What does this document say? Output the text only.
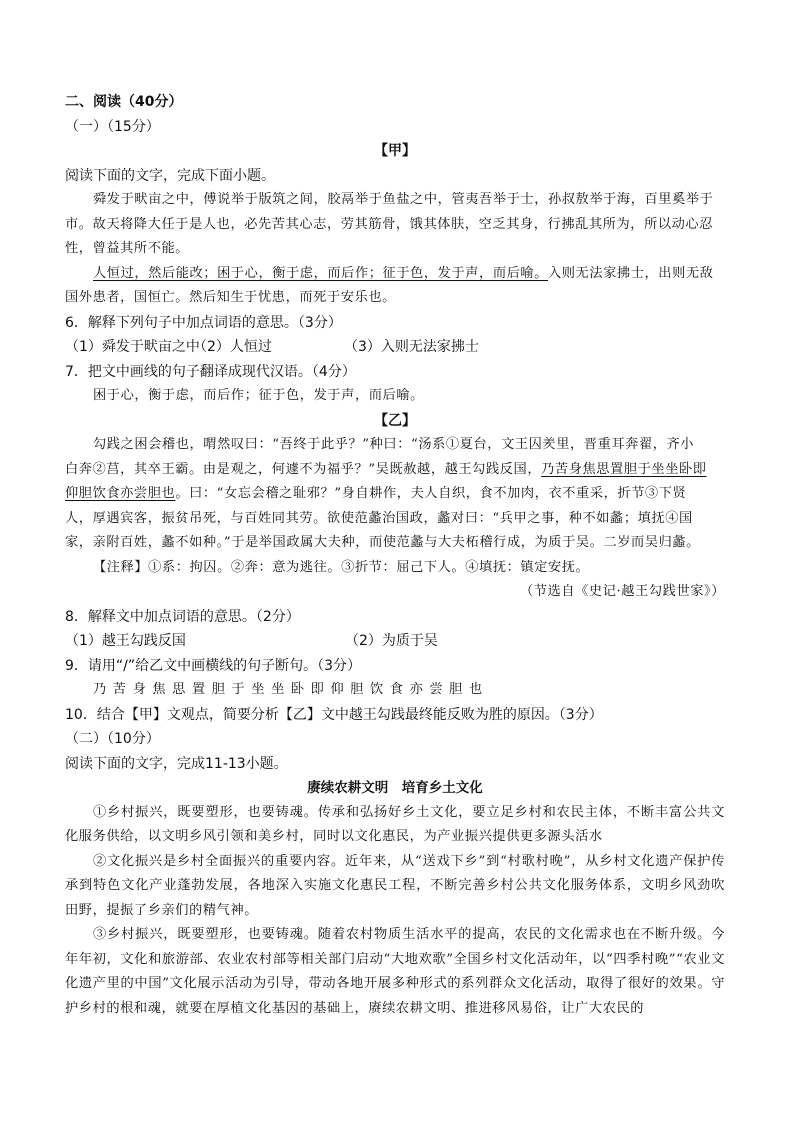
二、阅读（40分）
（一）（15分）
【甲】
阅读下面的文字，完成下面小题。
舜发于畎亩之中，傅说举于版筑之间，胶鬲举于鱼盐之中，管夷吾举于士，孙叔敖举于海，百里奚举于
市。故天将降大任于是人也，必先苦其心志，劳其筋骨，饿其体肤，空乏其身，行拂乱其所为，所以动心忍
性，曾益其所不能。
人恒过，然后能改；困于心，衡于虑，而后作；征于色，发于声，而后喻。入则无法家拂士，出则无敌
国外患者，国恒亡。然后知生于忧患，而死于安乐也。
6．解释下列句子中加点词语的意思。（3分）
（1）舜发于畎亩之中
（2）人恒过	（3）入则无法家拂士
7．把文中画线的句子翻译成现代汉语。（4分）
困于心，衡于虑，而后作；征于色，发于声，而后喻。
【乙】
勾践之困会稽也，喟然叹曰：“吾终于此乎？”种曰：“汤系①夏台，文王囚羑里，晋重耳奔翟，齐小
白奔②莒，其卒王霸。由是观之，何遽不为福乎？”吴既赦越，越王勾践反国，乃苦身焦思置胆于坐坐卧即
仰胆饮食亦尝胆也。曰：“女忘会稽之耻邪？”身自耕作，夫人自织，食不加肉，衣不重采，折节③下贤
人，厚遇宾客，振贫吊死，与百姓同其劳。欲使范蠡治国政，蠡对曰：“兵甲之事，种不如蠡；填抚④国
家，亲附百姓，蠡不如种。”于是举国政属大夫种，而使范蠡与大夫柘稽行成，为质于吴。二岁而吴归蠡。
【注释】①系：拘囚。②奔：意为逃往。③折节：屈己下人。④填抚：镇定安抚。
（节选自《史记·越王勾践世家》）
8．解释文中加点词语的意思。（2分）
（1）越王勾践反国	（2）为质于吴
9．请用“/”给乙文中画横线的句子断句。（3分）
乃苦身焦思置胆于坐坐卧即仰胆饮食亦尝胆也
10．结合【甲】文观点，简要分析【乙】文中越王勾践最终能反败为胜的原因。（3分）
（二）（10分）
阅读下面的文字，完成11-13小题。
赓续农耕文明　培育乡土文化
①乡村振兴，既要塑形，也要铸魂。传承和弘扬好乡土文化，要立足乡村和农民主体，不断丰富公共文化服务供给，以文明乡风引领和美乡村，同时以文化惠民，为产业振兴提供更多源头活水
②文化振兴是乡村全面振兴的重要内容。近年来，从“送戏下乡”到“村歌村晚”，从乡村文化遗产保护传承到特色文化产业蓬勃发展，各地深入实施文化惠民工程，不断完善乡村公共文化服务体系，文明乡风劲吹田野，提振了乡亲们的精气神。
③乡村振兴，既要塑形，也要铸魂。随着农村物质生活水平的提高，农民的文化需求也在不断升级。今年年初，文化和旅游部、农业农村部等相关部门启动“大地欢歌”全国乡村文化活动年，以“四季村晚”“农业文化遗产里的中国”文化展示活动为引导，带动各地开展多种形式的系列群众文化活动，取得了很好的效果。守护乡村的根和魂，就要在厚植文化基因的基础上，赓续农耕文明、推进移风易俗，让广大农民的
